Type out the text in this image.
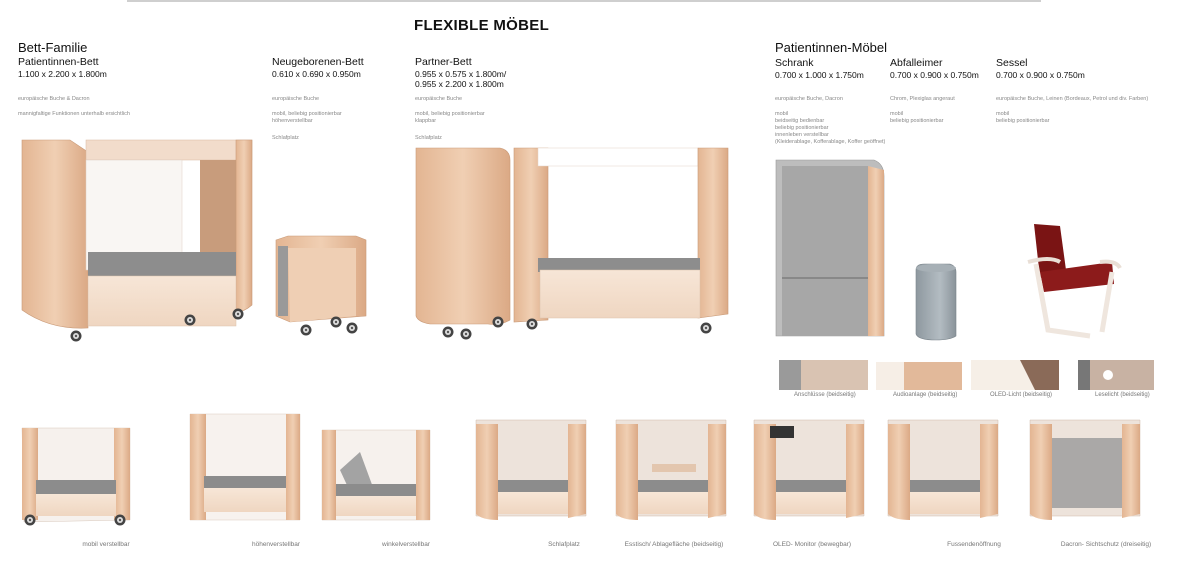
FLEXIBLE MÖBEL
Bett-Familie
Patientinnen-Bett
1.100 x 2.200 x 1.800m
europäische Buche & Dacron
mannigfaltige Funktionen unterhalb ersichtlich
Neugeborenen-Bett
0.610 x 0.690 x 0.950m
europäische Buche
mobil, beliebig positionierbar
höhenverstellbar
Schlafplatz
Partner-Bett
0.955 x 0.575 x 1.800m/
0.955 x 2.200 x 1.800m
europäische Buche
mobil, beliebig positionierbar
klappbar
Schlafplatz
Patientinnen-Möbel
Schrank
0.700 x 1.000 x 1.750m
europäische Buche, Dacron
mobil
beidseitig bedienbar
beliebig positionierbar
innenleben verstellbar
(Kleiderablage, Kofferablage, Koffer geöffnet)
Abfalleimer
0.700 x 0.900 x 0.750m
Chrom, Plexiglas angeraut
mobil
beliebig positionierbar
Sessel
0.700 x 0.900 x 0.750m
europäische Buche, Leinen (Bordeaux, Petrol und div. Farben)
mobil
beliebig positionierbar
Anschlüsse (beidseitig)	Audioanlage (beidseitig)	OLED-Licht (beidseitig)	Leselicht (beidseitig)
mobil verstellbar	höhenverstellbar	winkelverstellbar	Schlafplatz	Esstisch/ Ablagefläche (beidseitig)	OLED- Monitor (bewegbar)	Fussendenöffnung	Dacron- Sichtschutz (dreiseitig)
